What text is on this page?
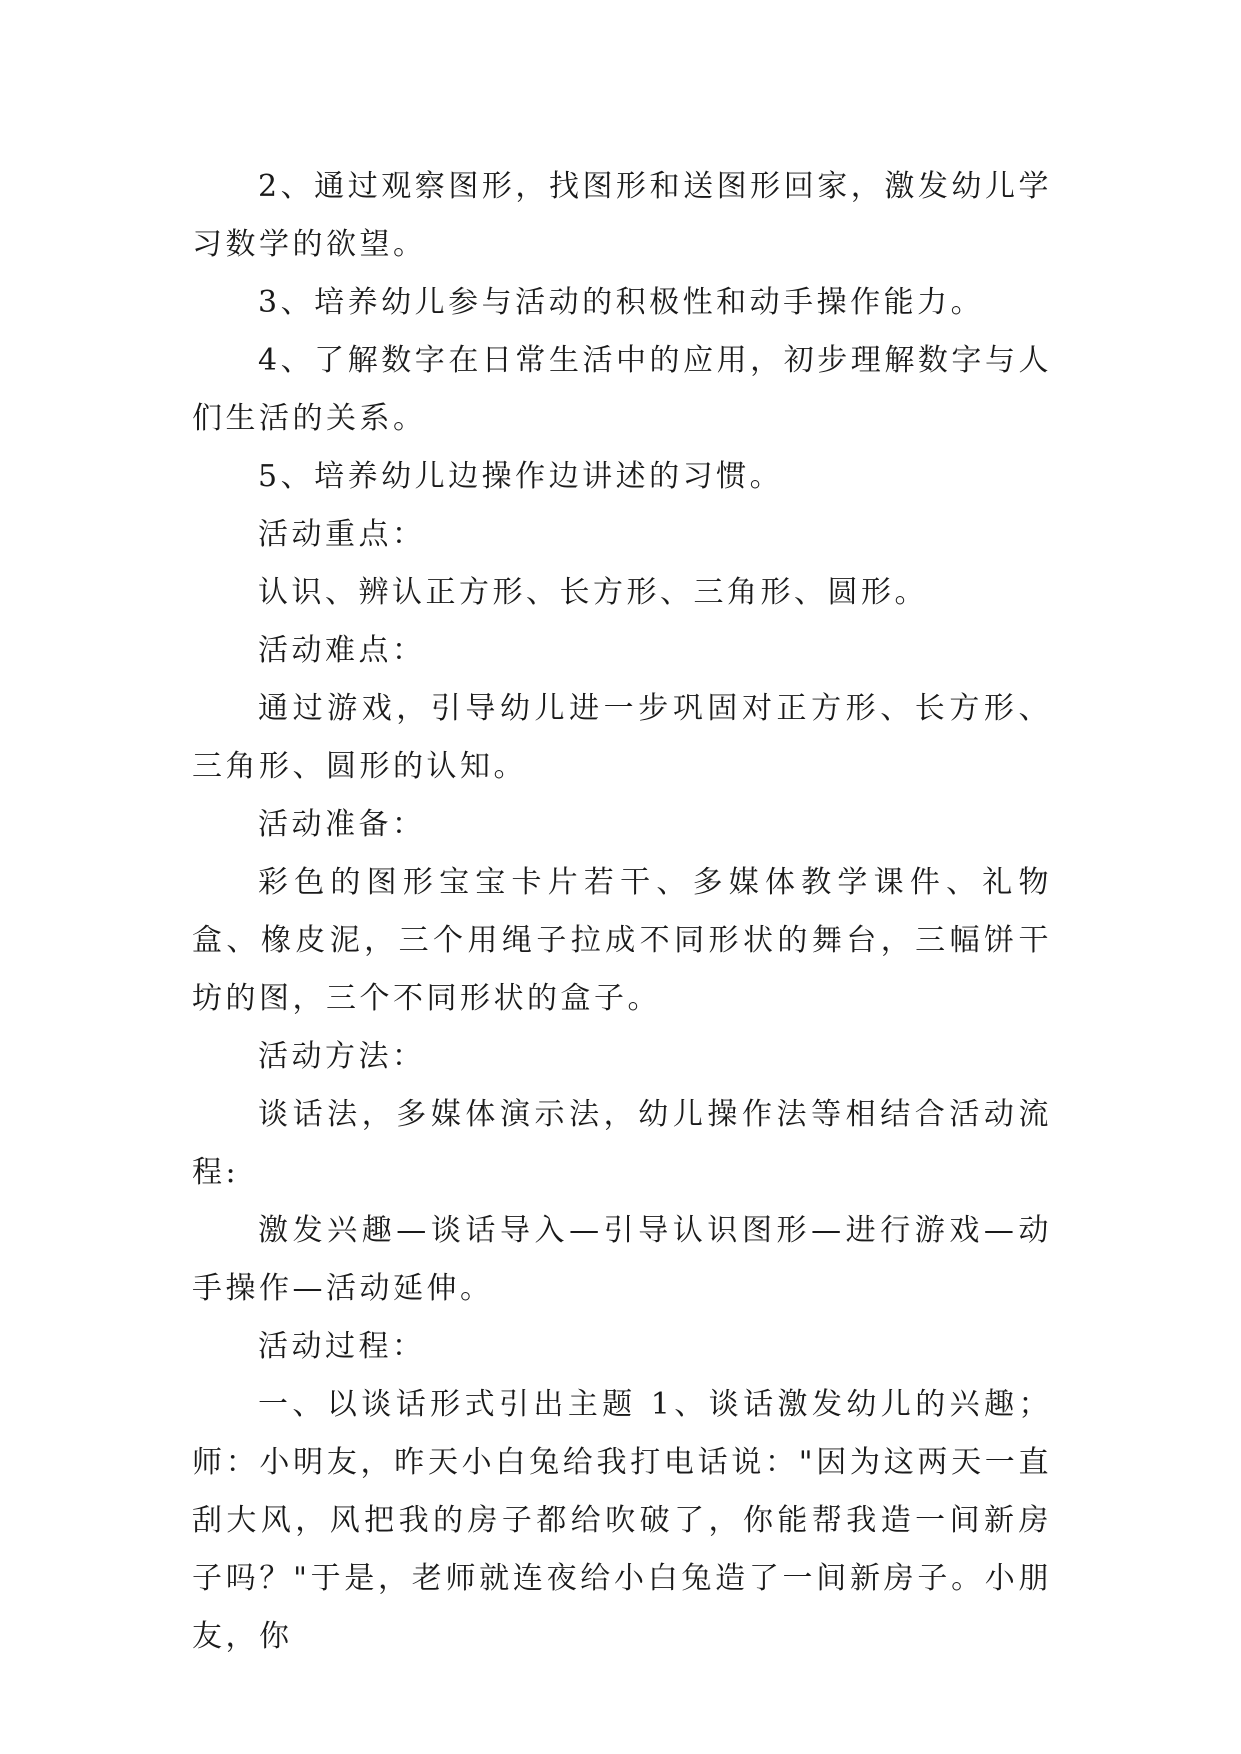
2、通过观察图形，找图形和送图形回家，激发幼儿学习数学的欲望。

3、培养幼儿参与活动的积极性和动手操作能力。

4、了解数字在日常生活中的应用，初步理解数字与人们生活的关系。

5、培养幼儿边操作边讲述的习惯。

活动重点：

认识、辨认正方形、长方形、三角形、圆形。

活动难点：

通过游戏，引导幼儿进一步巩固对正方形、长方形、三角形、圆形的认知。

活动准备：

彩色的图形宝宝卡片若干、多媒体教学课件、礼物盒、橡皮泥，三个用绳子拉成不同形状的舞台，三幅饼干坊的图，三个不同形状的盒子。

活动方法：

谈话法，多媒体演示法，幼儿操作法等相结合活动流程:

激发兴趣—谈话导入—引导认识图形—进行游戏—动手操作—活动延伸。

活动过程：

一、以谈话形式引出主题 1、谈话激发幼儿的兴趣；师：小明友，昨天小白兔给我打电话说："因为这两天一直刮大风，风把我的房子都给吹破了，你能帮我造一间新房子吗？"于是，老师就连夜给小白兔造了一间新房子。小朋友，你
